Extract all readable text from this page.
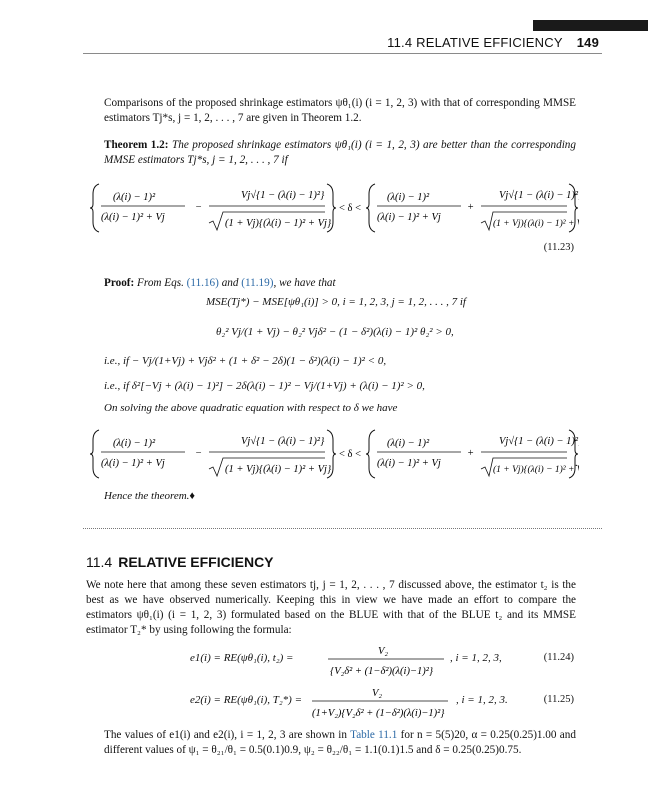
11.4 RELATIVE EFFICIENCY 149
Comparisons of the proposed shrinkage estimators ψθ₁(i) (i = 1, 2, 3) with that of corresponding MMSE estimators Tj*s, j = 1, 2, . . . , 7 are given in Theorem 1.2.
Theorem 1.2: The proposed shrinkage estimators ψθ₁(i) (i = 1, 2, 3) are better than the corresponding MMSE estimators Tj*s, j = 1, 2, . . . , 7 if
(λ(i) − 1)²
(λ(i) − 1)² + Vj
−
Vj√{1 − (λ(i) − 1)²}
(1 + Vj){(λ(i) − 1)² + Vj}
< δ <
(λ(i) − 1)²
(λ(i) − 1)² + Vj
+
Vj√{1 − (λ(i) − 1)²}
(1 + Vj){(λ(i) − 1)² +
(11.23)
Proof: From Eqs. (11.16) and (11.19), we have that
MSE(Tj*) − MSE[ψθ₁(i)] > 0, i = 1, 2, 3, j = 1, 2, . . . , 7 if
θ₂² Vj/(1 + Vj) − θ₂² Vjδ² − (1 − δ²)(λ(i) − 1)² θ₂² > 0,
i.e., if − Vj/(1+Vj) + Vjδ² + (1 + δ² − 2δ)(1 − δ²)(λ(i) − 1)² < 0,
i.e., if δ²[−Vj + (λ(i) − 1)²] − 2δ(λ(i) − 1)² − Vj/(1+Vj) + (λ(i) − 1)² > 0,
On solving the above quadratic equation with respect to δ we have
(λ(i) − 1)²
(λ(i) − 1)² + Vj
−
Vj√{1 − (λ(i) − 1)²}
(1 + Vj){(λ(i) − 1)² + Vj}
< δ <
(λ(i) − 1)²
(λ(i) − 1)² + Vj
+
Vj√{1 − (λ(i) − 1)²}
(1 + Vj){(λ(i) − 1)² +
.
Hence the theorem.♦
11.4 RELATIVE EFFICIENCY
We note here that among these seven estimators tj, j = 1, 2, . . . , 7 discussed above, the estimator t₂ is the best as we have observed numerically. Keeping this in view we have made an effort to compare the estimators ψθ₁(i) (i = 1, 2, 3) formulated based on the BLUE with that of the BLUE t₂ and its MMSE estimator T₂* by using following the formula:
e1(i) = RE(ψθ₁(i), t₂) =
V₂
{V₂δ² + (1−δ²)(λ(i)−1)²}
, i = 1, 2, 3,	(11.24)
e2(i) = RE(ψθ₁(i), T₂*) =
V₂
(1+V₂){V₂δ² + (1−δ²)(λ(i)−1)²}
, i = 1, 2, 3.	(11.25)
The values of e1(i) and e2(i), i = 1, 2, 3 are shown in Table 11.1 for n = 5(5)20, α = 0.25(0.25)1.00 and different values of ψ₁ = θ₂₁/θ₁ = 0.5(0.1)0.9, ψ₂ = θ₂₂/θ₁ = 1.1(0.1)1.5 and δ = 0.25(0.25)0.75.
